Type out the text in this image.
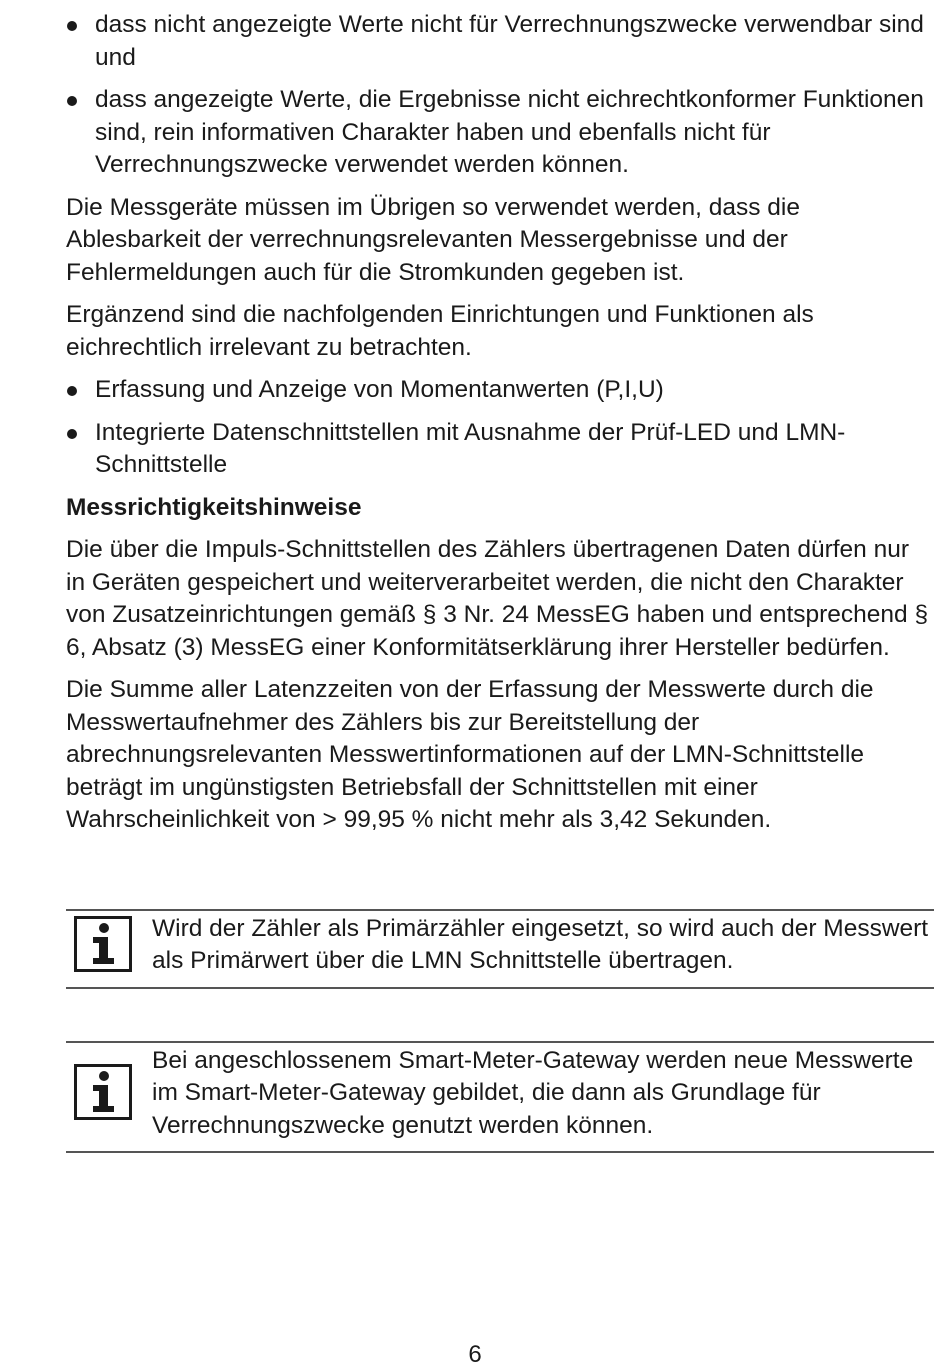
dass nicht angezeigte Werte nicht für Verrechnungszwecke verwendbar sind und
dass angezeigte Werte, die Ergebnisse nicht eichrechtkonformer Funktionen sind, rein informativen Charakter haben und ebenfalls nicht für Verrechnungszwecke verwendet werden können.

Die Messgeräte müssen im Übrigen so verwendet werden, dass die Ablesbarkeit der verrechnungsrelevanten Messergebnisse und der Fehlermeldungen auch für die Stromkunden gegeben ist.

Ergänzend sind die nachfolgenden Einrichtungen und Funktionen als eichrechtlich irrelevant zu betrachten.

Erfassung und Anzeige von Momentanwerten (P,I,U)
Integrierte Datenschnittstellen mit Ausnahme der Prüf-LED und LMN-Schnittstelle
Messrichtigkeitshinweise

Die über die Impuls-Schnittstellen des Zählers übertragenen Daten dürfen nur in Geräten gespeichert und weiterverarbeitet werden, die nicht den Charakter von Zusatzeinrichtungen gemäß § 3 Nr. 24 MessEG haben und entsprechend § 6, Absatz (3) MessEG einer Konformitätserklärung ihrer Hersteller bedürfen.

Die Summe aller Latenzzeiten von der Erfassung der Messwerte durch die Messwertaufnehmer des Zählers bis zur Bereitstellung der abrechnungsrelevanten Messwertinformationen auf der LMN-Schnittstelle beträgt im ungünstigsten Betriebsfall der Schnittstellen mit einer Wahrscheinlichkeit von > 99,95 % nicht mehr als 3,42 Sekunden.

Wird der Zähler als Primärzähler eingesetzt, so wird auch der Messwert als Primärwert über die LMN Schnittstelle übertragen.
Bei angeschlossenem Smart-Meter-Gateway werden neue Messwerte im Smart-Meter-Gateway gebildet, die dann als Grundlage für Verrechnungszwecke genutzt werden können.
6
